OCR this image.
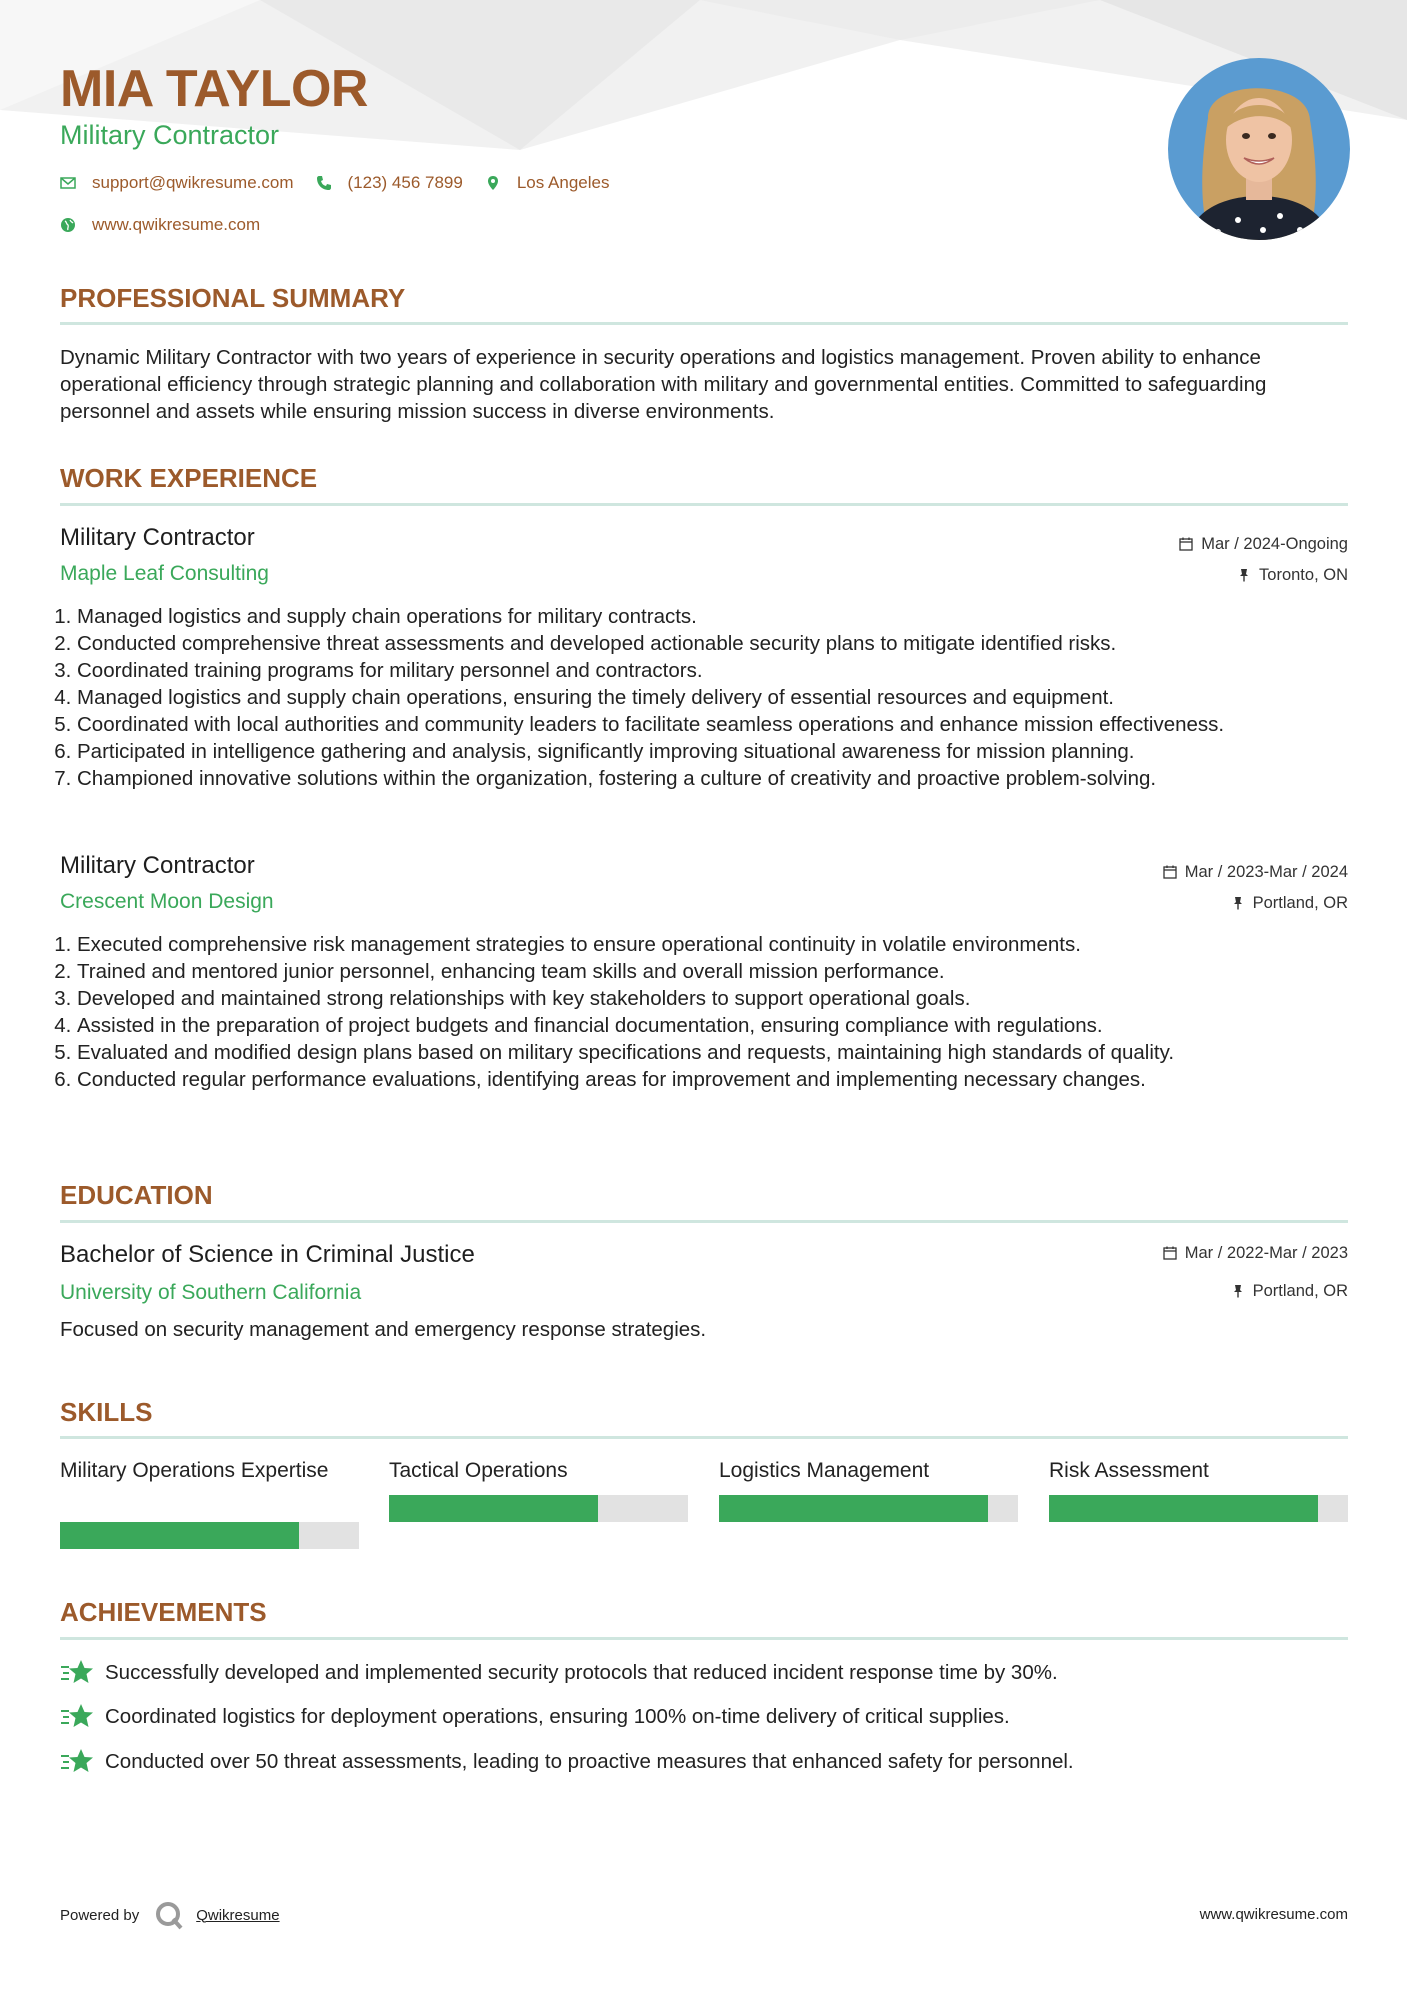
MIA TAYLOR
Military Contractor
support@qwikresume.com	(123) 456 7899	Los Angeles
www.qwikresume.com
PROFESSIONAL SUMMARY

Dynamic Military Contractor with two years of experience in security operations and logistics management. Proven ability to enhance operational efficiency through strategic planning and collaboration with military and governmental entities. Committed to safeguarding personnel and assets while ensuring mission success in diverse environments.

WORK EXPERIENCE
Military Contractor	Mar / 2024-Ongoing
Maple Leaf Consulting	Toronto, ON
1. Managed logistics and supply chain operations for military contracts.
2. Conducted comprehensive threat assessments and developed actionable security plans to mitigate identified risks.
3. Coordinated training programs for military personnel and contractors.
4. Managed logistics and supply chain operations, ensuring the timely delivery of essential resources and equipment.
5. Coordinated with local authorities and community leaders to facilitate seamless operations and enhance mission effectiveness.
6. Participated in intelligence gathering and analysis, significantly improving situational awareness for mission planning.
7. Championed innovative solutions within the organization, fostering a culture of creativity and proactive problem-solving.
Military Contractor	Mar / 2023-Mar / 2024
Crescent Moon Design	Portland, OR
1. Executed comprehensive risk management strategies to ensure operational continuity in volatile environments.
2. Trained and mentored junior personnel, enhancing team skills and overall mission performance.
3. Developed and maintained strong relationships with key stakeholders to support operational goals.
4. Assisted in the preparation of project budgets and financial documentation, ensuring compliance with regulations.
5. Evaluated and modified design plans based on military specifications and requests, maintaining high standards of quality.
6. Conducted regular performance evaluations, identifying areas for improvement and implementing necessary changes.
EDUCATION
Bachelor of Science in Criminal Justice	Mar / 2022-Mar / 2023
University of Southern California	Portland, OR

Focused on security management and emergency response strategies.

SKILLS
Military Operations Expertise	Tactical Operations	Logistics Management	Risk Assessment
ACHIEVEMENTS
Successfully developed and implemented security protocols that reduced incident response time by 30%.
Coordinated logistics for deployment operations, ensuring 100% on-time delivery of critical supplies.
Conducted over 50 threat assessments, leading to proactive measures that enhanced safety for personnel.
Powered by	Qwikresume	www.qwikresume.com
